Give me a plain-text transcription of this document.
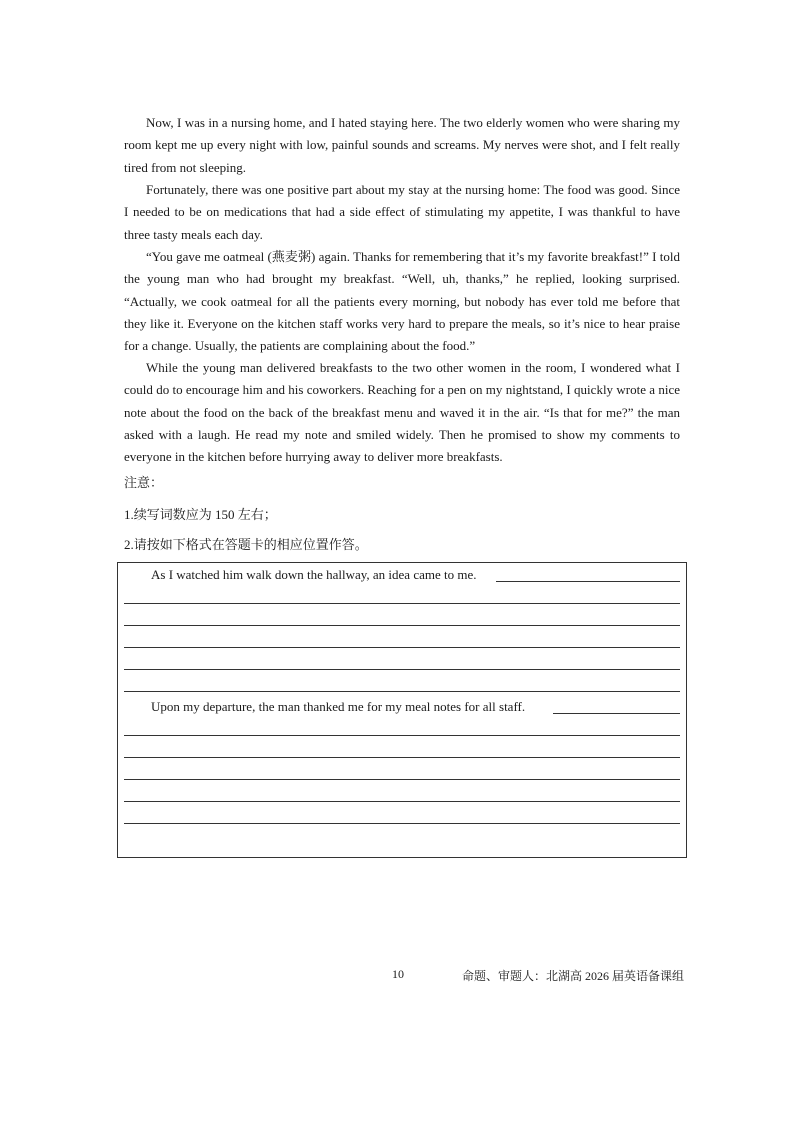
Now, I was in a nursing home, and I hated staying here. The two elderly women who were sharing my room kept me up every night with low, painful sounds and screams. My nerves were shot, and I felt really tired from not sleeping.

Fortunately, there was one positive part about my stay at the nursing home: The food was good. Since I needed to be on medications that had a side effect of stimulating my appetite, I was thankful to have three tasty meals each day.

“You gave me oatmeal (燕麦粥) again. Thanks for remembering that it’s my favorite breakfast!” I told the young man who had brought my breakfast. “Well, uh, thanks,” he replied, looking surprised. “Actually, we cook oatmeal for all the patients every morning, but nobody has ever told me before that they like it. Everyone on the kitchen staff works very hard to prepare the meals, so it’s nice to hear praise for a change. Usually, the patients are complaining about the food.”

While the young man delivered breakfasts to the two other women in the room, I wondered what I could do to encourage him and his coworkers. Reaching for a pen on my nightstand, I quickly wrote a nice note about the food on the back of the breakfast menu and waved it in the air. “Is that for me?” the man asked with a laugh. He read my note and smiled widely. Then he promised to show my comments to everyone in the kitchen before hurrying away to deliver more breakfasts.

注意：

1.续写词数应为 150 左右；

2.请按如下格式在答题卡的相应位置作答。

As I watched him walk down the hallway, an idea came to me.

Upon my departure, the man thanked me for my meal notes for all staff.

10	命题、审题人：北湖高 2026 届英语备课组
